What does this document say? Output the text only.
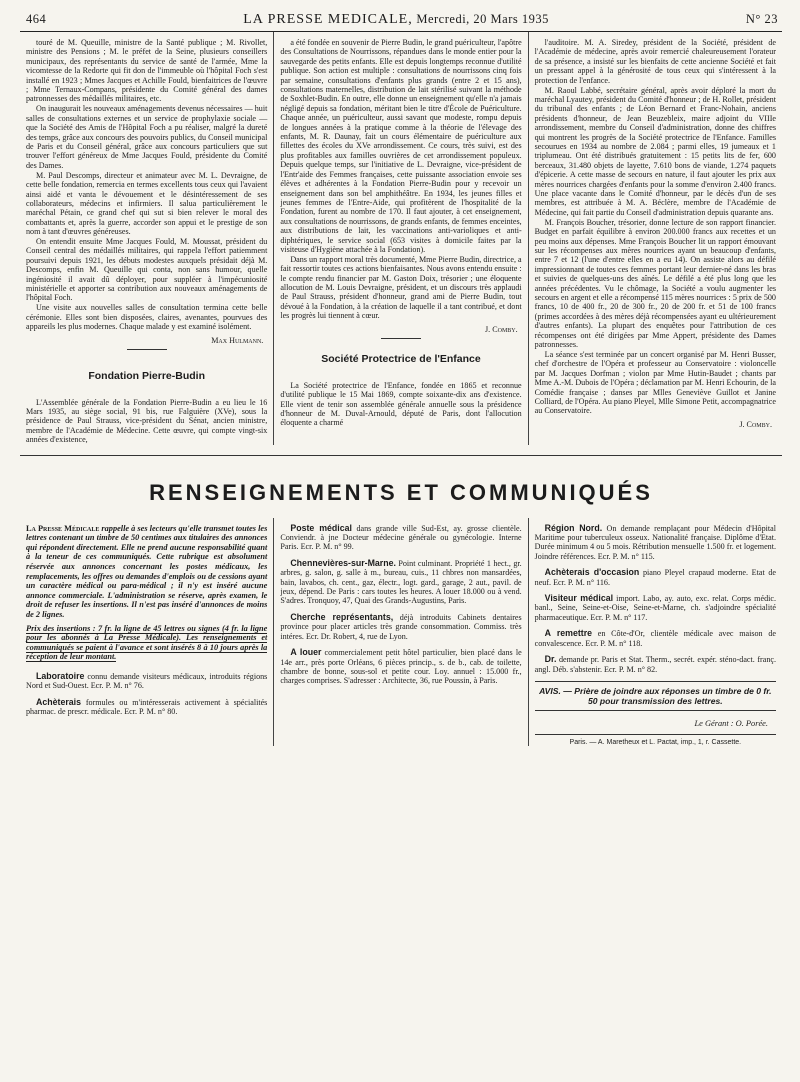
464	LA PRESSE MEDICALE, Mercredi, 20 Mars 1935	N° 23

touré de M. Queuille, ministre de la Santé publique ; M. Rivollet, ministre des Pensions ; M. le préfet de la Seine, plusieurs conseillers municipaux, des représentants du service de santé de l'armée, Mme la vicomtesse de la Redorte qui fit don de l'immeuble où l'hôpital Foch s'est installé en 1923 ; Mmes Jacques et Achille Fould, bienfaitrices de l'œuvre ; Mme Ternaux-Compans, présidente du Comité général des dames patronnesses des médaillés militaires, etc.

On inaugurait les nouveaux aménagements devenus nécessaires — huit salles de consultations externes et un service de prophylaxie sociale — que la Société des Amis de l'Hôpital Foch a pu réaliser, malgré la dureté des temps, grâce aux concours des pouvoirs publics, du Conseil municipal de Paris et du Conseil général, grâce aux concours particuliers que sut trouver l'effort généreux de Mme Jacques Fould, présidente du Comité des Dames.

M. Paul Descomps, directeur et animateur avec M. L. Devraigne, de cette belle fondation, remercia en termes excellents tous ceux qui l'avaient ainsi aidé et vanta le dévouement et le désintéressement de ses collaborateurs, médecins et infirmiers. Il salua particulièrement le maréchal Pétain, ce grand chef qui sut si bien relever le moral des combattants et, après la guerre, accorder son appui et le prestige de son nom à tant d'œuvres généreuses.

On entendit ensuite Mme Jacques Fould, M. Moussat, président du Conseil central des médaillés militaires, qui rappela l'effort patiemment poursuivi depuis 1921, les débuts modestes auxquels présidait déjà M. Descomps, enfin M. Queuille qui conta, non sans humour, quelle ingéniosité il avait dû déployer, pour suppléer à l'impécuniosité ministérielle et apporter sa contribution aux nouveaux aménagements de l'hôpital Foch.

Une visite aux nouvelles salles de consultation termina cette belle cérémonie. Elles sont bien disposées, claires, avenantes, pourvues des appareils les plus modernes. Chaque malade y est examiné isolément.

Max Hulmann.
Fondation Pierre-Budin

L'Assemblée générale de la Fondation Pierre-Budin a eu lieu le 16 Mars 1935, au siège social, 91 bis, rue Falguière (XVe), sous la présidence de Paul Strauss, vice-président du Sénat, ancien ministre, membre de l'Académie de Médecine. Cette œuvre, qui compte vingt-six années d'existence,

a été fondée en souvenir de Pierre Budin, le grand puériculteur, l'apôtre des Consultations de Nourrissons, répandues dans le monde entier pour la sauvegarde des petits enfants. Elle est depuis longtemps reconnue d'utilité publique. Son action est multiple : consultations de nourrissons cinq fois par semaine, consultations d'enfants plus grands (entre 2 et 15 ans), consultations maternelles, distribution de lait stérilisé suivant la méthode de Soxhlet-Budin. En outre, elle donne un enseignement qu'elle n'a jamais négligé depuis sa fondation, méritant bien le titre d'École de Puériculture. Chaque année, un puériculteur, aussi savant que modeste, rompu depuis de longues années à la pratique comme à la théorie de l'élevage des enfants, M. R. Daunay, fait un cours élémentaire de puériculture aux fillettes des écoles du XVe arrondissement. Ce cours, très suivi, est des plus profitables aux familles ouvrières de cet arrondissement populeux. Depuis quelque temps, sur l'initiative de L. Devraigne, vice-président de l'Entr'aide des Femmes françaises, cette puissante association envoie ses élèves et adhérentes à la Fondation Pierre-Budin pour y recevoir un enseignement dans son bel amphithéâtre. En 1934, les jeunes filles et jeunes femmes de l'Entre-Aide, qui profitèrent de l'hospitalité de la Fondation, furent au nombre de 170. Il faut ajouter, à cet enseignement, aux consultations de nourrissons, de grands enfants, de femmes enceintes, aux distributions de lait, les vaccinations anti-varioliques et anti-diphtériques, le service social (653 visites à domicile faites par la visiteuse d'Hygiène attachée à la Fondation).

Dans un rapport moral très documenté, Mme Pierre Budin, directrice, a fait ressortir toutes ces actions bienfaisantes. Nous avons entendu ensuite : le compte rendu financier par M. Gaston Doix, trésorier ; une éloquente allocution de M. Louis Devraigne, président, et un discours très applaudi de Paul Strauss, président d'honneur, grand ami de Pierre Budin, tout dévoué à la Fondation, à la création de laquelle il a tant contribué, et dont les progrès lui tiennent à cœur.

J. Comby.
Société Protectrice de l'Enfance

La Société protectrice de l'Enfance, fondée en 1865 et reconnue d'utilité publique le 15 Mai 1869, compte soixante-dix ans d'existence. Elle vient de tenir son assemblée générale annuelle sous la présidence d'honneur de M. Duval-Arnould, député de Paris, dont l'allocution éloquente a charmé

l'auditoire. M. A. Siredey, président de la Société, président de l'Académie de médecine, après avoir remercié chaleureusement l'orateur de sa présence, a insisté sur les bienfaits de cette ancienne Société et fait un pressant appel à la générosité de tous ceux qui s'intéressent à la protection de l'enfance.

M. Raoul Labbé, secrétaire général, après avoir déploré la mort du maréchal Lyautey, président du Comité d'honneur ; de H. Rollet, président du tribunal des enfants ; de Léon Bernard et Franc-Nohain, anciens présidents d'honneur, de Jean Beuzebleix, maire adjoint du VIIIe arrondissement, membre du Conseil d'administration, donne des chiffres qui montrent les progrès de la Société protectrice de l'Enfance. Familles secourues en 1934 au nombre de 2.084 ; parmi elles, 19 jumeaux et 1 triplumeau. Ont été distribués gratuitement : 15 petits lits de fer, 600 berceaux, 31.480 objets de layette, 7.610 bons de viande, 1.274 paquets d'épicerie. A cette masse de secours en nature, il faut ajouter les prix aux mères nourrices chargées d'enfants pour la somme d'environ 2.400 francs. Une place vacante dans le Comité d'honneur, par le décès d'un de ses membres, est attribuée à M. A. Béclère, membre de l'Académie de Médecine, qui fait partie du Conseil d'administration depuis quarante ans.

M. François Boucher, trésorier, donne lecture de son rapport financier. Budget en parfait équilibre à environ 200.000 francs aux recettes et un peu moins aux dépenses. Mme François Boucher lit un rapport émouvant sur les récompenses aux mères nourrices ayant un beaucoup d'enfants, entre 7 et 12 (l'une d'entre elles en a eu 14). On assiste alors au défilé impressionnant de toutes ces femmes portant leur dernier-né dans les bras et suivies de quelques-uns des aînés. Le défilé a été plus long que les années précédentes. Vu le chômage, la Société a voulu augmenter les secours en argent et elle a récompensé 115 mères nourrices : 5 prix de 500 francs, 10 de 400 fr., 20 de 300 fr., 20 de 200 fr. et 51 de 100 francs (primes accordées à des mères déjà récompensées ayant eu ultérieurement d'autres enfants). La plupart des enquêtes pour l'attribution de ces récompenses ont été dirigées par Mme Appert, présidente des Dames patronnesses.

La séance s'est terminée par un concert organisé par M. Henri Busser, chef d'orchestre de l'Opéra et professeur au Conservatoire : violoncelle par M. Jacques Dorfman ; violon par Mme Hutin-Baudet ; chants par Mme A.-M. Dubois de l'Opéra ; déclamation par M. Henri Echourin, de la Comédie française ; danses par Mlles Geneviève Guillot et Janine Colliard, de l'Opéra. Au piano Pleyel, Mlle Simone Petit, accompagnatrice au Conservatoire.

J. Comby.
RENSEIGNEMENTS ET COMMUNIQUÉS
La Presse Médicale rappelle à ses lecteurs qu'elle transmet toutes les lettres contenant un timbre de 50 centimes aux titulaires des annonces qui répondent directement. Elle ne prend aucune responsabilité quant à la teneur de ces communiqués. Cette rubrique est absolument réservée aux annonces concernant les postes médicaux, les remplacements, les offres ou demandes d'emplois ou de cessions ayant un caractère médical ou para-médical ; il n'y est inséré aucune annonce commerciale. L'administration se réserve, après examen, le droit de refuser les insertions. Il n'est pas inséré d'annonces de moins de 2 lignes.
Prix des insertions : 7 fr. la ligne de 45 lettres ou signes (4 fr. la ligne pour les abonnés à La Presse Médicale). Les renseignements et communiqués se paient à l'avance et sont insérés 8 à 10 jours après la réception de leur montant.
Laboratoire connu demande visiteurs médicaux, introduits régions Nord et Sud-Ouest. Ecr. P. M. n° 76.
Achèterais formules ou m'intéresserais activement à spécialités pharmac. de prescr. médicale. Ecr. P. M. n° 80.
Poste médical dans grande ville Sud-Est, ay. grosse clientèle. Conviendr. à jne Docteur médecine générale ou gynécologie. Interne Paris. Ecr. P. M. n° 99.
Chennevières-sur-Marne. Point culminant. Propriété 1 hect., gr. arbres, g. salon, g. salle à m., bureau, cuis., 11 chbres non mansardées, bain, lavabos, ch. cent., gaz, électr., logt. gard., garage, 2 aut., pavil. de jeux, dépend. De Paris : cars toutes les heures. A louer 18.000 ou à vend. S'adres. Tronquoy, 47, Quai des Grands-Augustins, Paris.
Cherche représentants, déjà introduits Cabinets dentaires province pour placer articles très grande consommation. Commiss. très intéres. Ecr. Dr. Robert, 4, rue de Lyon.
A louer commercialement petit hôtel particulier, bien placé dans le 14e arr., près porte Orléans, 6 pièces princip., s. de b., cab. de toilette, chambre de bonne, sous-sol et petite cour. Loy. annuel : 15.000 fr., charges comprises. S'adresser : Architecte, 36, rue Poussin, à Paris.
Région Nord. On demande remplaçant pour Médecin d'Hôpital Maritime pour tuberculeux osseux. Nationalité française. Diplôme d'Etat. Durée minimum 4 ou 5 mois. Rétribution mensuelle 1.500 fr. et logement. Joindre références. Ecr. P. M. n° 115.
Achèterais d'occasion piano Pleyel crapaud moderne. Etat de neuf. Ecr. P. M. n° 116.
Visiteur médical import. Labo, ay. auto, exc. relat. Corps médic. banl., Seine, Seine-et-Oise, Seine-et-Marne, ch. s'adjoindre spécialité pharmaceutique. Ecr. P. M. n° 117.
A remettre en Côte-d'Or, clientèle médicale avec maison de convalescence. Ecr. P. M. n° 118.
Dr. demande pr. Paris et Stat. Therm., secrét. expér. sténo-dact. franç. angl. Déb. s'abstenir. Ecr. P. M. n° 82.
AVIS. — Prière de joindre aux réponses un timbre de 0 fr. 50 pour transmission des lettres.
Le Gérant : O. Porée.
Paris. — A. Maretheux et L. Pactat, imp., 1, r. Cassette.
